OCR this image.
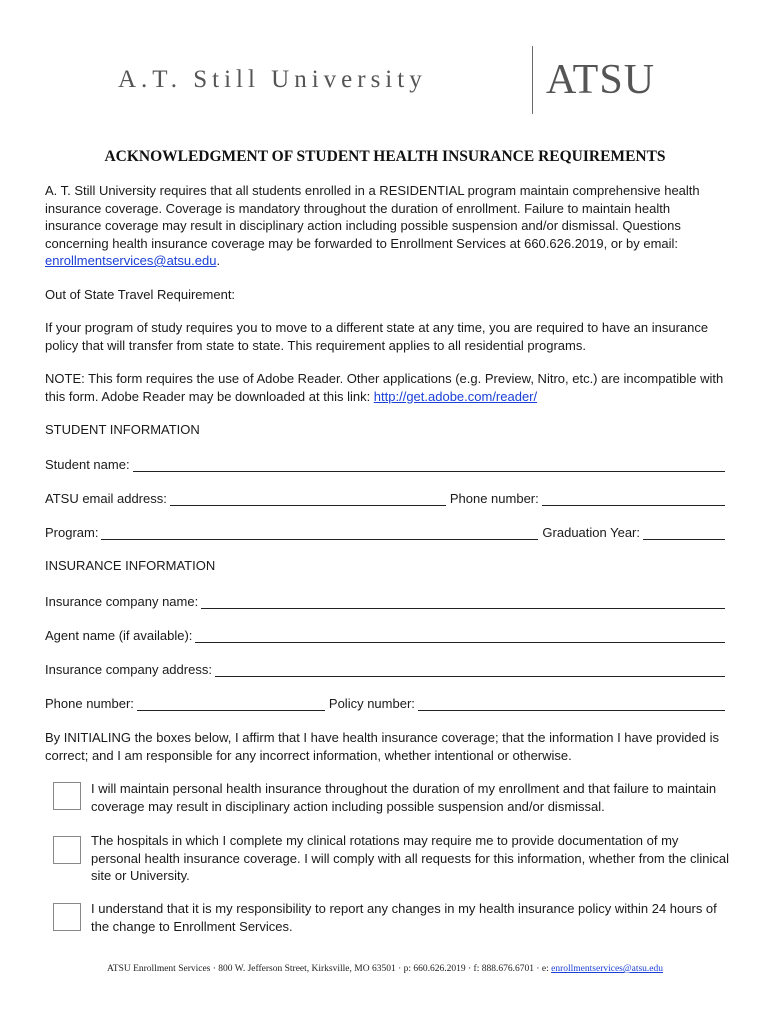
A.T. Still University	ATSU
ACKNOWLEDGMENT OF STUDENT HEALTH INSURANCE REQUIREMENTS
A. T. Still University requires that all students enrolled in a RESIDENTIAL program maintain comprehensive health insurance coverage. Coverage is mandatory throughout the duration of enrollment. Failure to maintain health insurance coverage may result in disciplinary action including possible suspension and/or dismissal. Questions concerning health insurance coverage may be forwarded to Enrollment Services at 660.626.2019, or by email: enrollmentservices@atsu.edu.
Out of State Travel Requirement:
If your program of study requires you to move to a different state at any time, you are required to have an insurance policy that will transfer from state to state. This requirement applies to all residential programs.
NOTE: This form requires the use of Adobe Reader. Other applications (e.g. Preview, Nitro, etc.) are incompatible with this form. Adobe Reader may be downloaded at this link: http://get.adobe.com/reader/
STUDENT INFORMATION
Student name:
ATSU email address:	Phone number:
Program:	Graduation Year:
INSURANCE INFORMATION
Insurance company name:
Agent name (if available):
Insurance company address:
Phone number:	Policy number:
By INITIALING the boxes below, I affirm that I have health insurance coverage; that the information I have provided is correct; and I am responsible for any incorrect information, whether intentional or otherwise.
I will maintain personal health insurance throughout the duration of my enrollment and that failure to maintain coverage may result in disciplinary action including possible suspension and/or dismissal.
The hospitals in which I complete my clinical rotations may require me to provide documentation of my personal health insurance coverage. I will comply with all requests for this information, whether from the clinical site or University.
I understand that it is my responsibility to report any changes in my health insurance policy within 24 hours of the change to Enrollment Services.
ATSU Enrollment Services · 800 W. Jefferson Street, Kirksville, MO 63501 · p: 660.626.2019 · f: 888.676.6701 · e: enrollmentservices@atsu.edu
